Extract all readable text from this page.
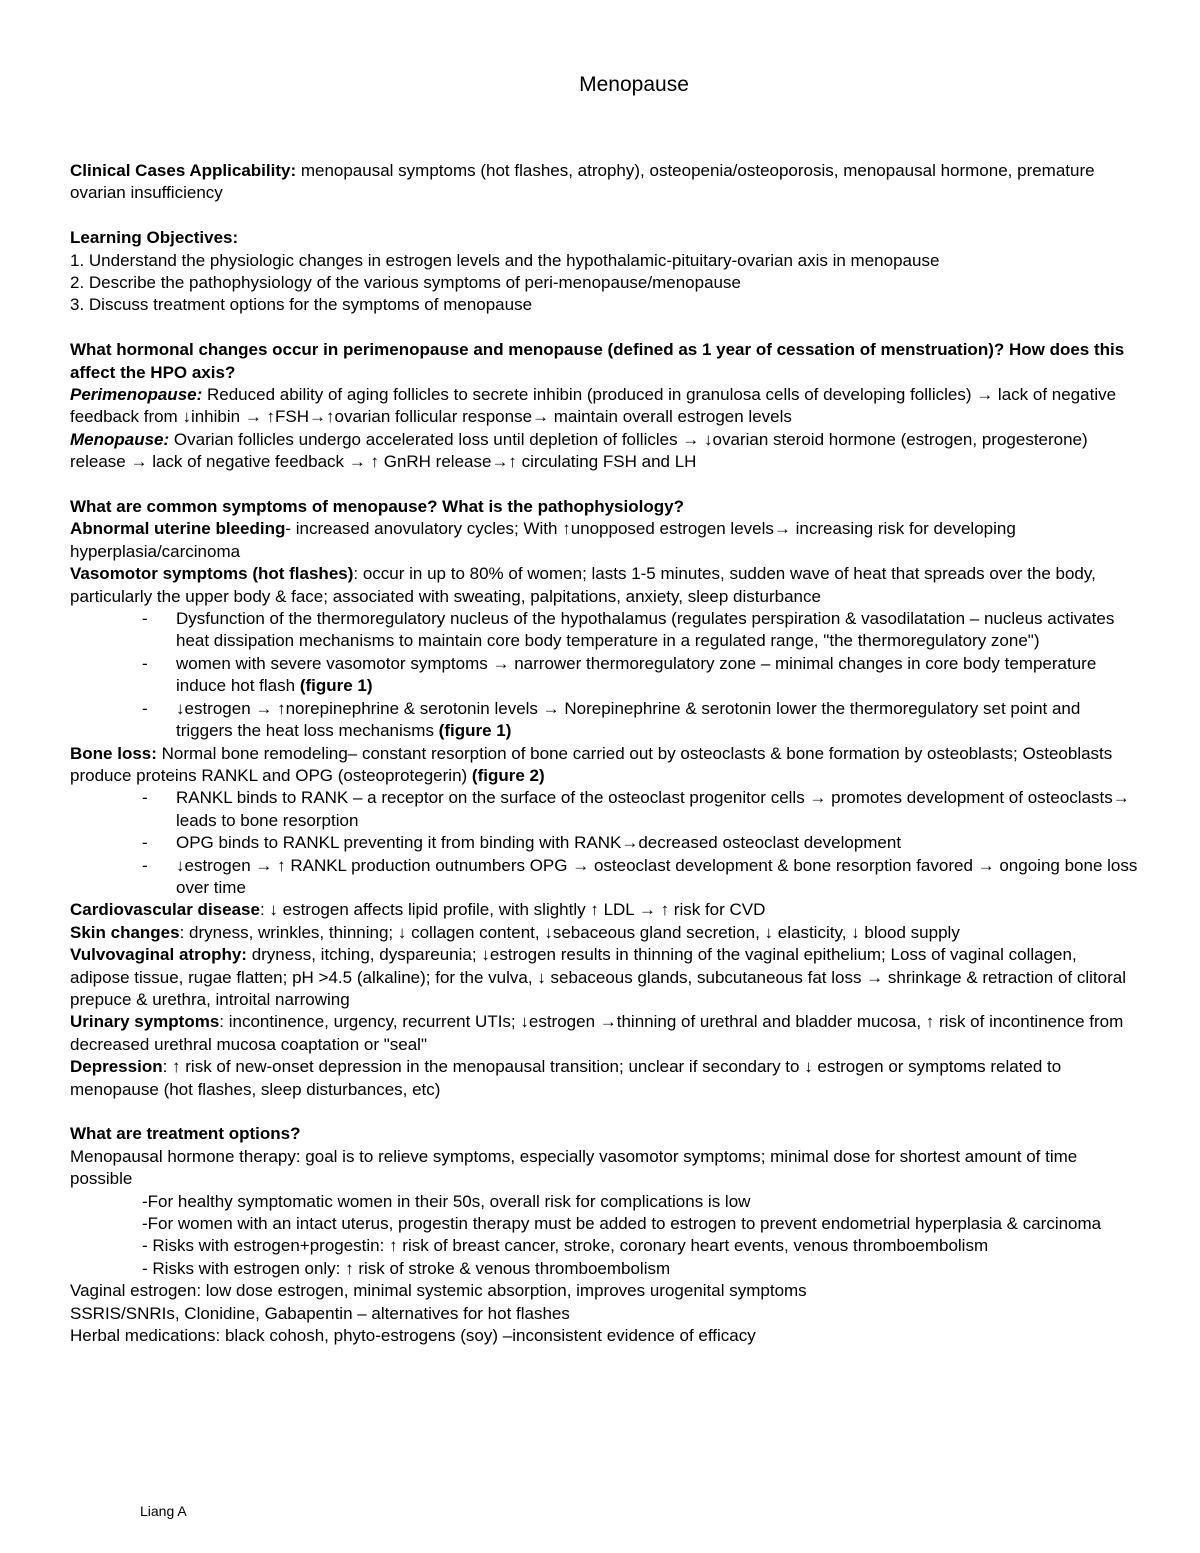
Menopause

Clinical Cases Applicability: menopausal symptoms (hot flashes, atrophy), osteopenia/osteoporosis, menopausal hormone, premature ovarian insufficiency

Learning Objectives:

1. Understand the physiologic changes in estrogen levels and the hypothalamic-pituitary-ovarian axis in menopause

2. Describe the pathophysiology of the various symptoms of peri-menopause/menopause

3. Discuss treatment options for the symptoms of menopause

What hormonal changes occur in perimenopause and menopause (defined as 1 year of cessation of menstruation)? How does this affect the HPO axis?

Perimenopause: Reduced ability of aging follicles to secrete inhibin (produced in granulosa cells of developing follicles) → lack of negative feedback from ↓inhibin → ↑FSH→↑ovarian follicular response→ maintain overall estrogen levels

Menopause: Ovarian follicles undergo accelerated loss until depletion of follicles → ↓ovarian steroid hormone (estrogen, progesterone) release → lack of negative feedback → ↑ GnRH release→↑ circulating FSH and LH

What are common symptoms of menopause? What is the pathophysiology?

Abnormal uterine bleeding- increased anovulatory cycles; With ↑unopposed estrogen levels→ increasing risk for developing hyperplasia/carcinoma

Vasomotor symptoms (hot flashes): occur in up to 80% of women; lasts 1-5 minutes, sudden wave of heat that spreads over the body, particularly the upper body & face; associated with sweating, palpitations, anxiety, sleep disturbance

- Dysfunction of the thermoregulatory nucleus of the hypothalamus (regulates perspiration & vasodilatation – nucleus activates heat dissipation mechanisms to maintain core body temperature in a regulated range, "the thermoregulatory zone")
- women with severe vasomotor symptoms → narrower thermoregulatory zone – minimal changes in core body temperature induce hot flash (figure 1)
- ↓estrogen → ↑norepinephrine & serotonin levels → Norepinephrine & serotonin lower the thermoregulatory set point and triggers the heat loss mechanisms (figure 1)

Bone loss: Normal bone remodeling– constant resorption of bone carried out by osteoclasts & bone formation by osteoblasts; Osteoblasts produce proteins RANKL and OPG (osteoprotegerin) (figure 2)

- RANKL binds to RANK – a receptor on the surface of the osteoclast progenitor cells → promotes development of osteoclasts→ leads to bone resorption
- OPG binds to RANKL preventing it from binding with RANK→decreased osteoclast development
- ↓estrogen → ↑ RANKL production outnumbers OPG → osteoclast development & bone resorption favored → ongoing bone loss over time

Cardiovascular disease: ↓ estrogen affects lipid profile, with slightly ↑ LDL → ↑ risk for CVD

Skin changes: dryness, wrinkles, thinning; ↓ collagen content, ↓sebaceous gland secretion, ↓ elasticity, ↓ blood supply

Vulvovaginal atrophy: dryness, itching, dyspareunia; ↓estrogen results in thinning of the vaginal epithelium; Loss of vaginal collagen, adipose tissue, rugae flatten; pH >4.5 (alkaline); for the vulva, ↓ sebaceous glands, subcutaneous fat loss → shrinkage & retraction of clitoral prepuce & urethra, introital narrowing

Urinary symptoms: incontinence, urgency, recurrent UTIs; ↓estrogen →thinning of urethral and bladder mucosa, ↑ risk of incontinence from decreased urethral mucosa coaptation or "seal"

Depression: ↑ risk of new-onset depression in the menopausal transition; unclear if secondary to ↓ estrogen or symptoms related to menopause (hot flashes, sleep disturbances, etc)

What are treatment options?

Menopausal hormone therapy: goal is to relieve symptoms, especially vasomotor symptoms; minimal dose for shortest amount of time possible

-For healthy symptomatic women in their 50s, overall risk for complications is low

-For women with an intact uterus, progestin therapy must be added to estrogen to prevent endometrial hyperplasia & carcinoma

- Risks with estrogen+progestin: ↑ risk of breast cancer, stroke, coronary heart events, venous thromboembolism

- Risks with estrogen only: ↑ risk of stroke & venous thromboembolism

Vaginal estrogen: low dose estrogen, minimal systemic absorption, improves urogenital symptoms

SSRIS/SNRIs, Clonidine, Gabapentin – alternatives for hot flashes

Herbal medications: black cohosh, phyto-estrogens (soy) –inconsistent evidence of efficacy

Liang A
